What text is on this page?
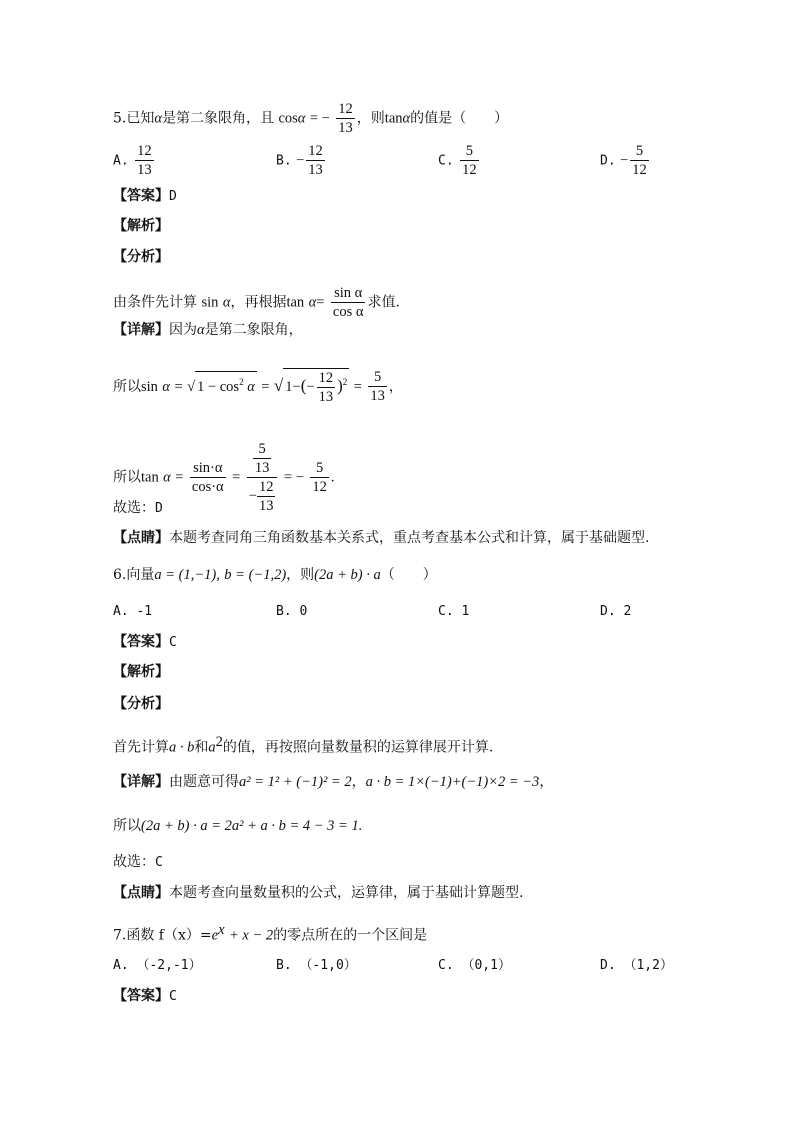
5.已知α是第二象限角，且 cosα = − $\frac{12}{13}$ ，则tanα的值是（　　）
A. $\frac{12}{13}$	B. − $\frac{12}{13}$	C. $\frac{5}{12}$	D. − $\frac{5}{12}$
【答案】D
【解析】
【分析】
由条件先计算 sin α，再根据$\tan \alpha= \frac{\text{sin α}}{\text{cos α}}$ 求值.
【详解】因为α是第二象限角，
所以sin α = √ $1 - \cos^2 \alpha$ = √ $1-(- \frac{12}{13} )^2 = \frac{5}{13}$ ，
所以$\tan \alpha = \frac{\sin\cdot\alpha}{\cos\cdot\alpha} = \frac{\frac{5}{13}}{- \frac{12}{13}}$ = − $\frac{5}{12}$ .
故选：D
【点睛】本题考查同角三角函数基本关系式，重点考查基本公式和计算，属于基础题型.
6.向量a = (1,−1), b = (−1,2)，则(2a + b) · a（　　）
A. -1	B. 0	C. 1	D. 2
【答案】C
【解析】
【分析】
首先计算a · b和$a^2$的值，再按照向量数量积的运算律展开计算.
【详解】由题意可得a² = 1² + (−1)² = 2，a · b = 1×(−1)+(−1)×2 = −3，
所以(2a + b) · a = 2a² + a · b = 4 − 3 = 1.
故选：C
【点睛】本题考查向量数量积的公式，运算律，属于基础计算题型.
7.函数 $f(x)=e^x + x - 2$的零点所在的一个区间是
A. （-2,-1）	B. （-1,0）	C. （0,1）	D. （1,2）
【答案】C
